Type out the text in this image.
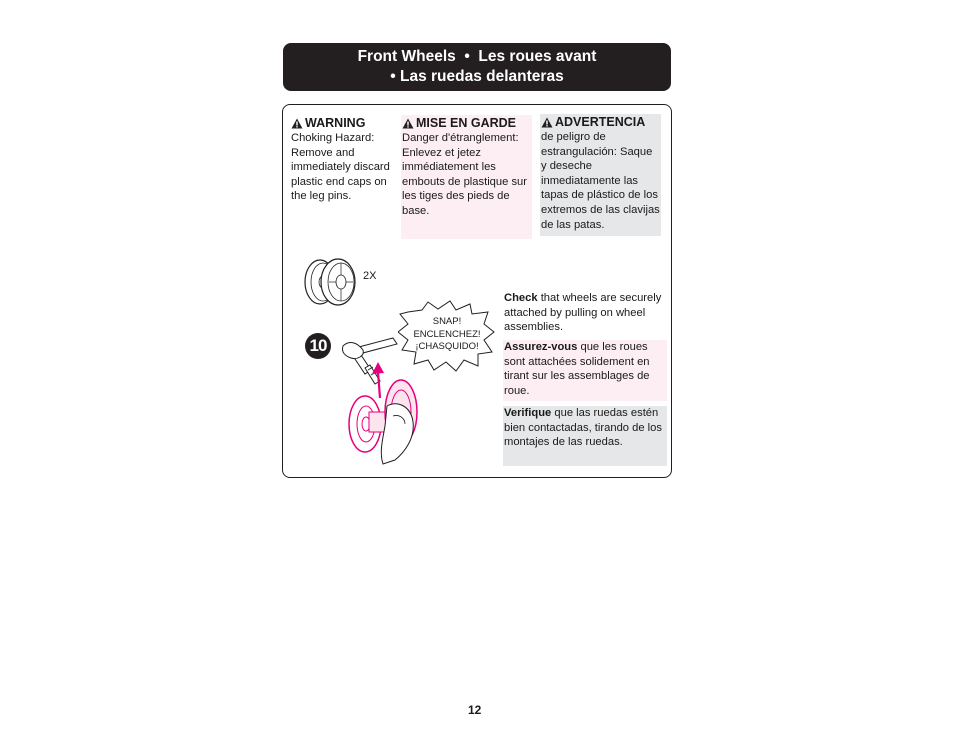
Front Wheels  •  Les roues avant
• Las ruedas delanteras
WARNING
Choking Hazard: Remove and immediately discard plastic end caps on the leg pins.
MISE EN GARDE
Danger d'étranglement: Enlevez et jetez immédiatement les embouts de plastique sur les tiges des pieds de base.
ADVERTENCIA
de peligro de estrangulación: Saque y deseche inmediatamente las tapas de plástico de los extremos de las clavijas de las patas.
2X
SNAP!
ENCLENCHEZ!
¡CHASQUIDO!
10
Check that wheels are securely attached by pulling on wheel assemblies.
Assurez-vous que les roues sont attachées solidement en tirant sur les assemblages de roue.
Verifique que las ruedas estén bien contactadas, tirando de los montajes de las ruedas.
12
